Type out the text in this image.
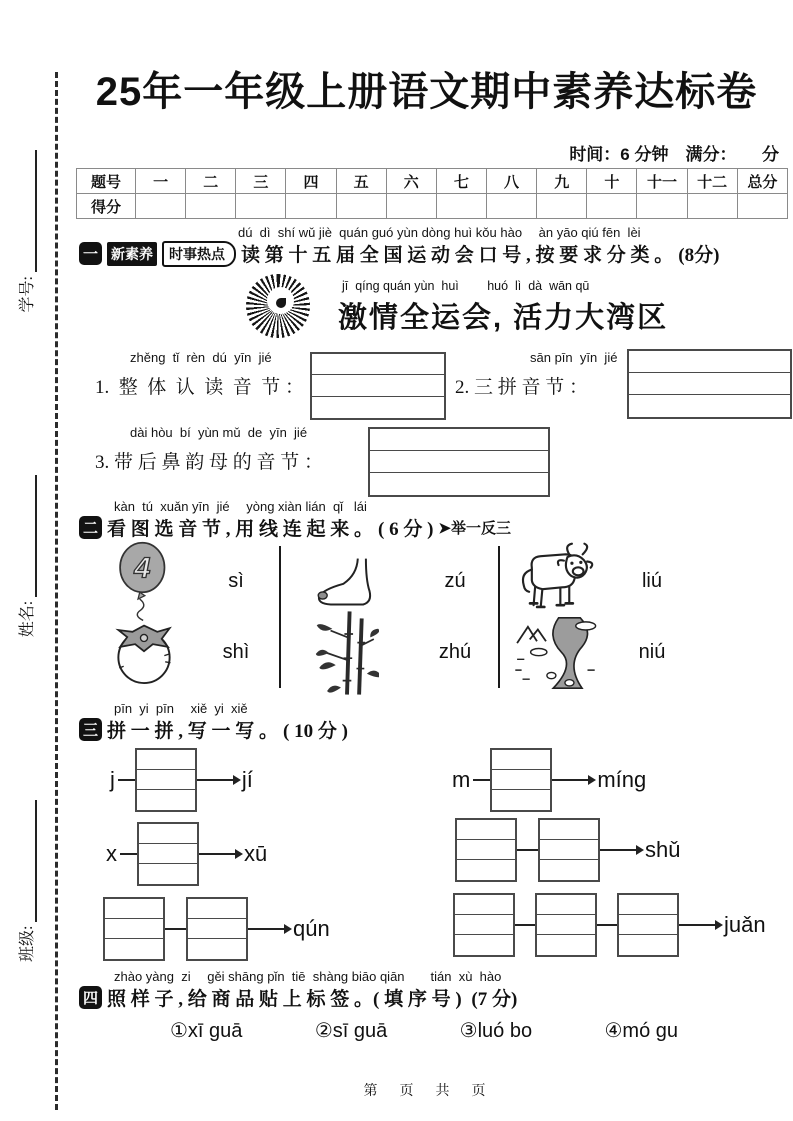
班级:
姓名:
学号:
25年一年级上册语文期中素养达标卷
时间：6 分钟　满分：　　分
题号	一	二	三	四	五	六	七	八	九	十	十一	十二	总分
得分													
dú  dì  shí wǔ jiè  quán guó yùn dòng huì kǒu hào　 àn yāo qiú fēn  lèi
一 新素养	时事热点 读 第 十 五 届 全 国 运 动 会 口 号 , 按 要 求 分 类 。 (8分)
jī  qíng quán yùn  huì　　 huó  lì  dà  wān qū
激情全运会, 活力大湾区
zhěng  tǐ  rèn  dú  yīn  jié
1.  整  体  认  读  音  节 ：
sān pīn  yīn  jié
2. 三 拼 音 节 ：
dài hòu  bí  yùn mǔ  de  yīn  jié
3. 带 后 鼻 韵 母 的 音 节 ：
kàn  tú  xuǎn yīn  jié　 yòng xiàn lián  qǐ   lái
二 看 图 选 音 节 , 用 线 连 起 来 。 ( 6 分 ) ➤举一反三
4	sì
shì
zú
zhú
liú
niú
pīn  yi  pīn　 xiě  yi  xiě
三 拼 一 拼 , 写 一 写 。 ( 10 分 )
j	jí	m	míng
x	xū	shǔ
qún	juǎn
zhào yàng  zi　 gěi shāng pǐn  tiē  shàng biāo qiān　　tián  xù  hào
四 照 样 子 , 给 商 品 贴 上 标 签 。( 填 序 号 ) (7 分)
①xī guā	②sī guā	③luó bo	④mó gu
第　页　共　页
